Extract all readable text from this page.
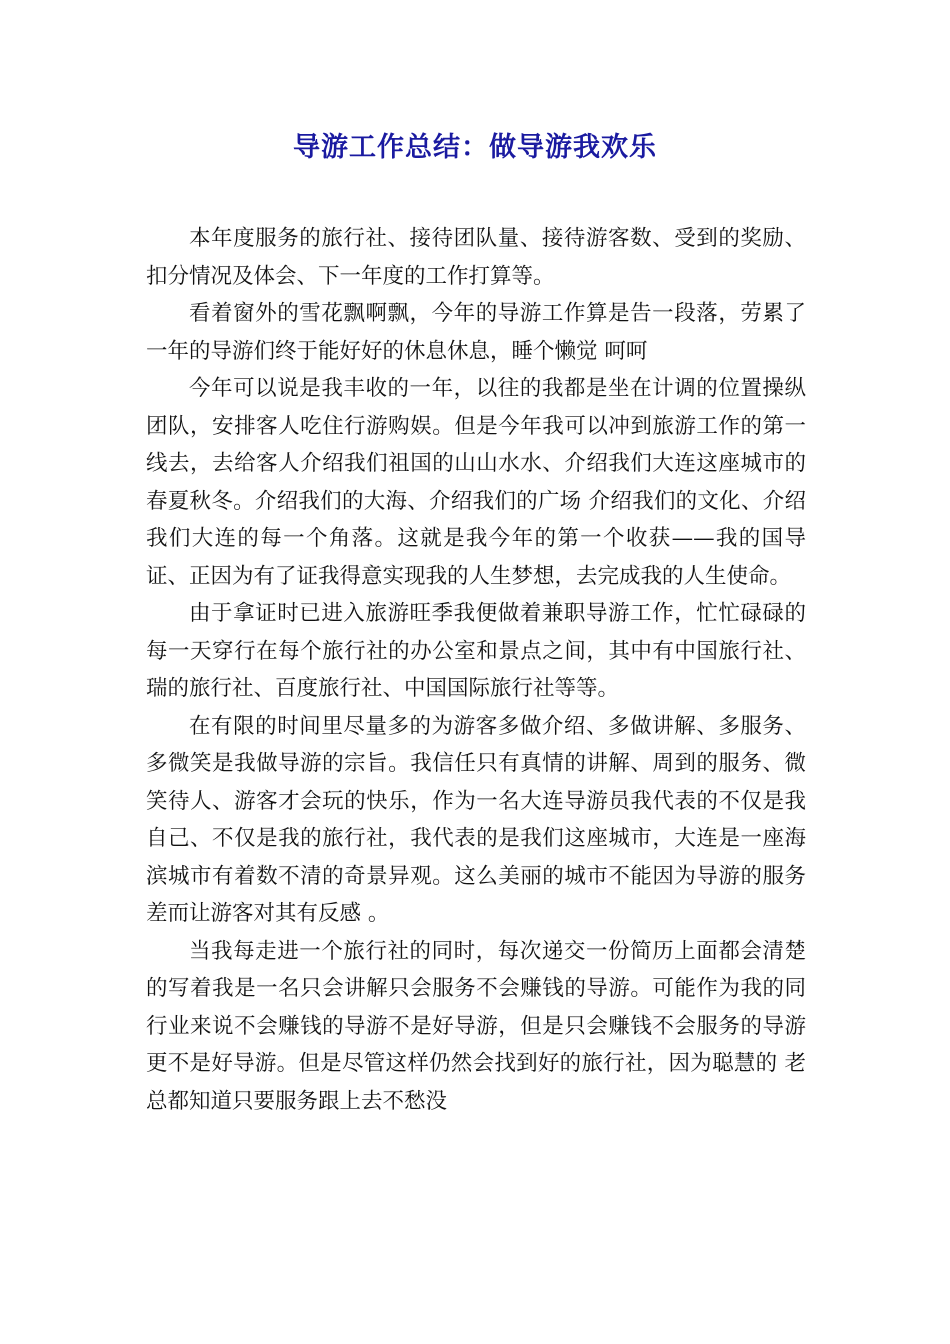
导游工作总结：做导游我欢乐

本年度服务的旅行社、接待团队量、接待游客数、受到的奖励、扣分情况及体会、下一年度的工作打算等。

看着窗外的雪花飘啊飘，今年的导游工作算是告一段落，劳累了一年的导游们终于能好好的休息休息，睡个懒觉 呵呵

今年可以说是我丰收的一年，以往的我都是坐在计调的位置操纵团队，安排客人吃住行游购娱。但是今年我可以冲到旅游工作的第一线去，去给客人介绍我们祖国的山山水水、介绍我们大连这座城市的春夏秋冬。介绍我们的大海、介绍我们的广场 介绍我们的文化、介绍我们大连的每一个角落。这就是我今年的第一个收获——我的国导证、正因为有了证我得意实现我的人生梦想，去完成我的人生使命。

由于拿证时已进入旅游旺季我便做着兼职导游工作，忙忙碌碌的每一天穿行在每个旅行社的办公室和景点之间，其中有中国旅行社、瑞的旅行社、百度旅行社、中国国际旅行社等等。

在有限的时间里尽量多的为游客多做介绍、多做讲解、多服务、多微笑是我做导游的宗旨。我信任只有真情的讲解、周到的服务、微笑待人、游客才会玩的快乐，作为一名大连导游员我代表的不仅是我自己、不仅是我的旅行社，我代表的是我们这座城市，大连是一座海滨城市有着数不清的奇景异观。这么美丽的城市不能因为导游的服务差而让游客对其有反感 。

当我每走进一个旅行社的同时，每次递交一份简历上面都会清楚的写着我是一名只会讲解只会服务不会赚钱的导游。可能作为我的同行业来说不会赚钱的导游不是好导游，但是只会赚钱不会服务的导游更不是好导游。但是尽管这样仍然会找到好的旅行社，因为聪慧的 老总都知道只要服务跟上去不愁没
